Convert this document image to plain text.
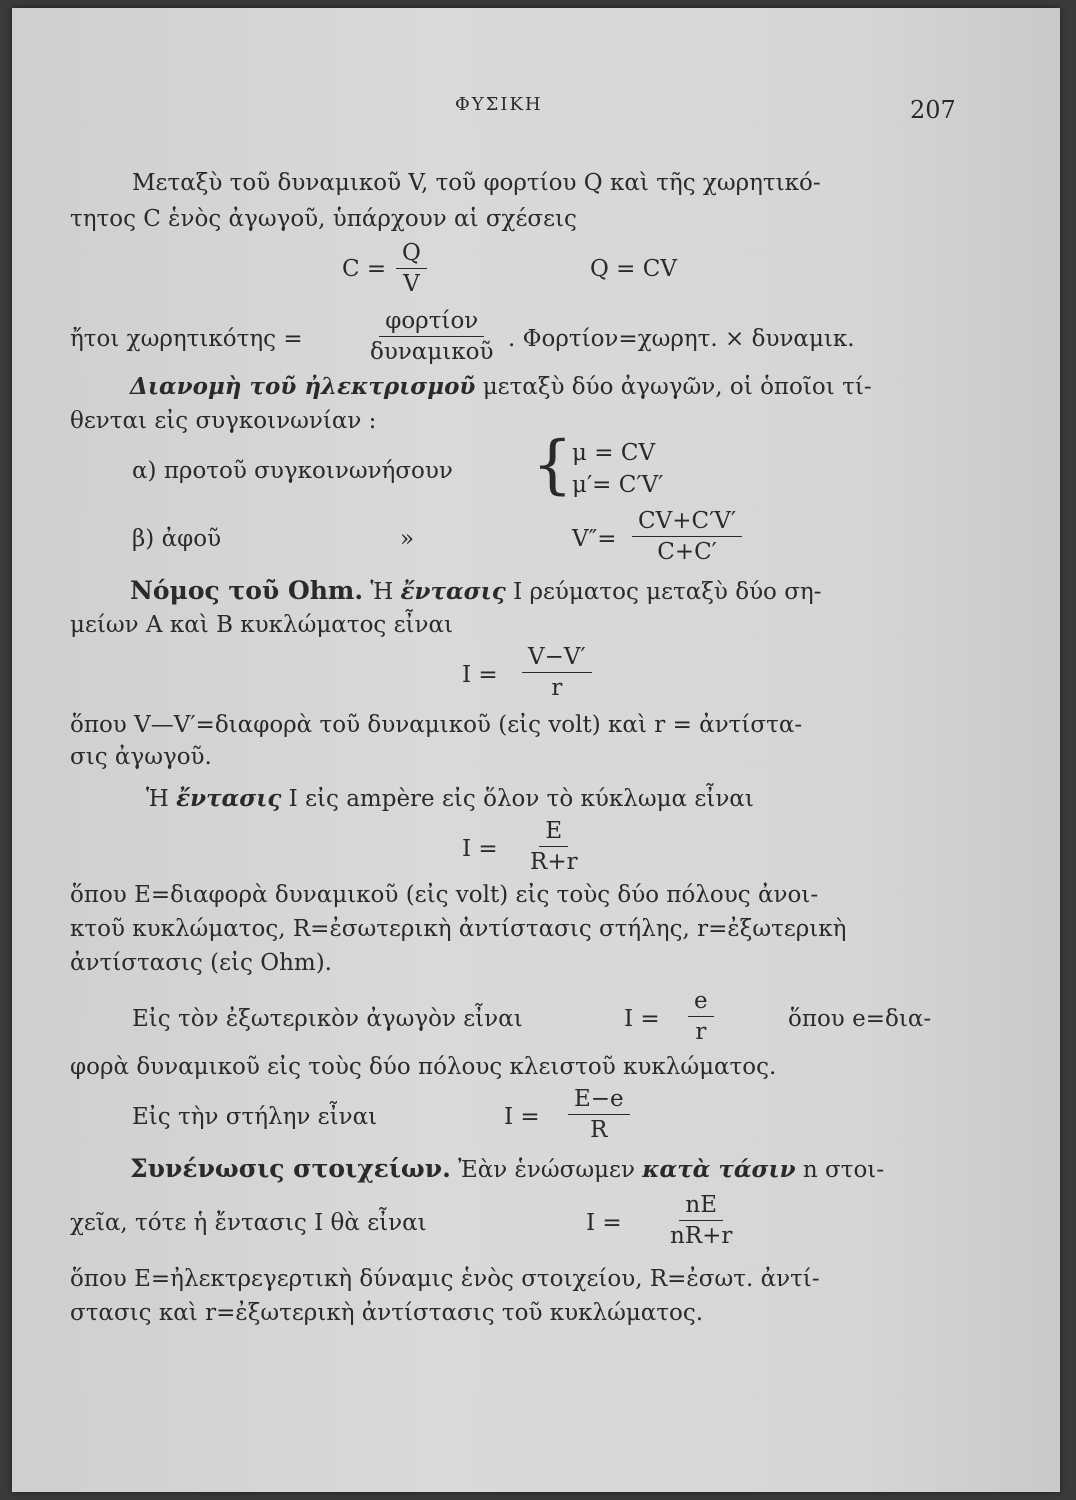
ΦΥΣΙΚΗ	207
Μεταξὺ τοῦ δυναμικοῦ V, τοῦ φορτίου Q καὶ τῆς χωρητικό-
τητος C ἑνὸς ἀγωγοῦ, ὑπάρχουν αἱ σχέσεις
$C = \frac{Q}{V}$	Q = CV
ἤτοι χωρητικότης =
φορτίον
δυναμικοῦ . Φορτίον=χωρητ. × δυναμικ.
Διανομὴ τοῦ ἠλεκτρισμοῦ μεταξὺ δύο ἀγωγῶν, οἱ ὁποῖοι τί-
θενται εἰς συγκοινωνίαν :
α) προτοῦ συγκοινωνήσουν { μ = CV
μ′= C′V′
β) ἀφοῦ	»	$V''= \frac{CV+C'V'}{C+C'}$
Νόμος τοῦ Ohm. Ἡ ἔντασις I ρεύματος μεταξὺ δύο ση-
μείων Α καὶ Β κυκλώματος εἶναι
$I = \frac{V-V'}{r}$
ὅπου V—V′=διαφορὰ τοῦ δυναμικοῦ (εἰς volt) καὶ r = ἀντίστα-
σις ἀγωγοῦ.
Ἡ ἔντασις I εἰς ampère εἰς ὅλον τὸ κύκλωμα εἶναι
$I = \frac{E}{R+r}$
ὅπου Ε=διαφορὰ δυναμικοῦ (εἰς volt) εἰς τοὺς δύο πόλους ἀνοι-
κτοῦ κυκλώματος, R=ἐσωτερικὴ ἀντίστασις στήλης, r=ἐξωτερικὴ
ἀντίστασις (εἰς Ohm).
Εἰς τὸν ἐξωτερικὸν ἀγωγὸν εἶναι	$I = \frac{e}{r}$	ὅπου e=δια-
φορὰ δυναμικοῦ εἰς τοὺς δύο πόλους κλειστοῦ κυκλώματος.
Εἰς τὴν στήλην εἶναι	$I = \frac{E-e}{R}$
Συνένωσις στοιχείων. Ἐὰν ἑνώσωμεν κατὰ τάσιν n στοι-
χεῖα, τότε ἡ ἔντασις I θὰ εἶναι	$I = \frac{nE}{nR+r}$
ὅπου Ε=ἠλεκτρεγερτικὴ δύναμις ἑνὸς στοιχείου, R=ἐσωτ. ἀντί-
στασις καὶ r=ἐξωτερικὴ ἀντίστασις τοῦ κυκλώματος.
